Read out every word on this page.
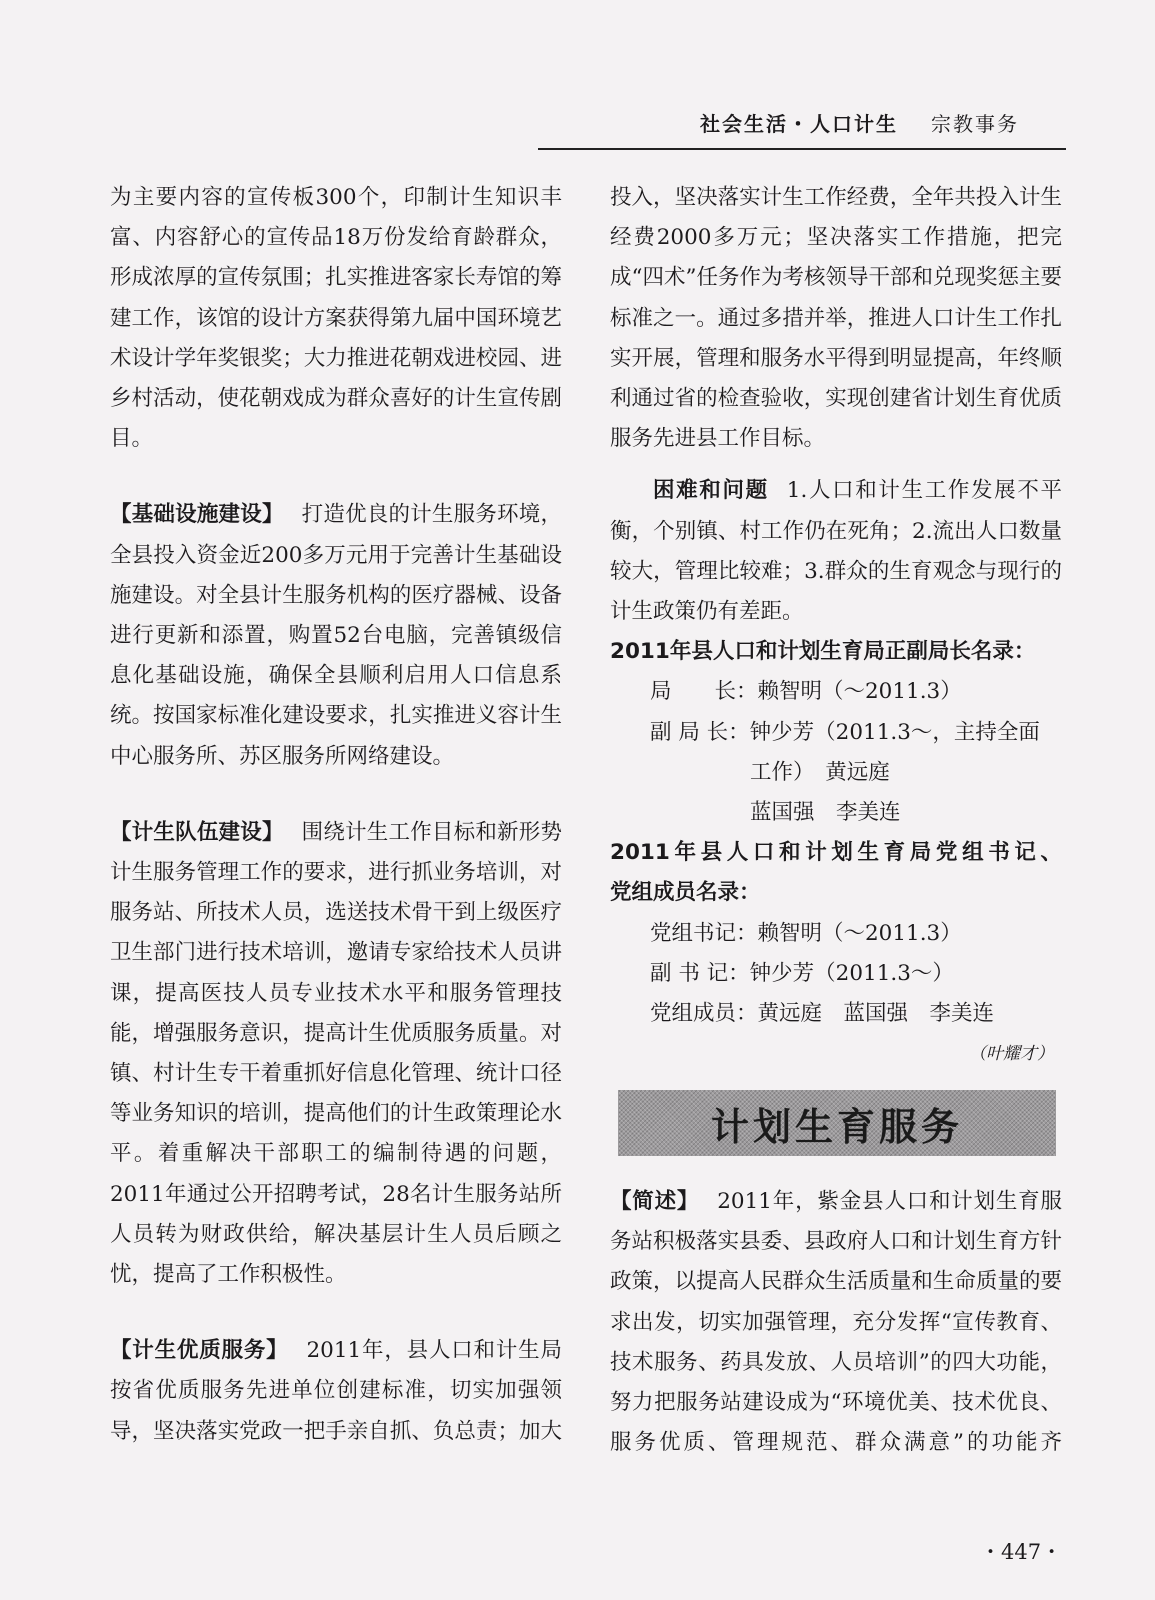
社会生活・人口计生 宗教事务

为主要内容的宣传板300个，印制计生知识丰富、内容舒心的宣传品18万份发给育龄群众，形成浓厚的宣传氛围；扎实推进客家长寿馆的筹建工作，该馆的设计方案获得第九届中国环境艺术设计学年奖银奖；大力推进花朝戏进校园、进乡村活动，使花朝戏成为群众喜好的计生宣传剧目。

【基础设施建设】 打造优良的计生服务环境，全县投入资金近200多万元用于完善计生基础设施建设。对全县计生服务机构的医疗器械、设备进行更新和添置，购置52台电脑，完善镇级信息化基础设施，确保全县顺利启用人口信息系统。按国家标准化建设要求，扎实推进义容计生中心服务所、苏区服务所网络建设。

【计生队伍建设】 围绕计生工作目标和新形势计生服务管理工作的要求，进行抓业务培训，对服务站、所技术人员，选送技术骨干到上级医疗卫生部门进行技术培训，邀请专家给技术人员讲课，提高医技人员专业技术水平和服务管理技能，增强服务意识，提高计生优质服务质量。对镇、村计生专干着重抓好信息化管理、统计口径等业务知识的培训，提高他们的计生政策理论水平。着重解决干部职工的编制待遇的问题，2011年通过公开招聘考试，28名计生服务站所人员转为财政供给，解决基层计生人员后顾之忧，提高了工作积极性。

【计生优质服务】 2011年，县人口和计生局按省优质服务先进单位创建标准，切实加强领导，坚决落实党政一把手亲自抓、负总责；加大

投入，坚决落实计生工作经费，全年共投入计生经费2000多万元；坚决落实工作措施，把完成“四术”任务作为考核领导干部和兑现奖惩主要标准之一。通过多措并举，推进人口计生工作扎实开展，管理和服务水平得到明显提高，年终顺利通过省的检查验收，实现创建省计划生育优质服务先进县工作目标。

困难和问题 1.人口和计生工作发展不平衡，个别镇、村工作仍在死角；2.流出人口数量较大，管理比较难；3.群众的生育观念与现行的计生政策仍有差距。

2011年县人口和计划生育局正副局长名录：

局　　长：赖智明（～2011.3）

副 局 长：钟少芳（2011.3～，主持全面

工作）　黄远庭

蓝国强　李美连

2011年县人口和计划生育局党组书记、

党组成员名录：

党组书记：赖智明（～2011.3）

副 书 记：钟少芳（2011.3～）

党组成员：黄远庭　蓝国强　李美连

（叶耀才）

计划生育服务

【简述】 2011年，紫金县人口和计划生育服务站积极落实县委、县政府人口和计划生育方针政策，以提高人民群众生活质量和生命质量的要求出发，切实加强管理，充分发挥“宣传教育、技术服务、药具发放、人员培训”的四大功能，努力把服务站建设成为“环境优美、技术优良、服务优质、管理规范、群众满意”的功能齐

・447・
